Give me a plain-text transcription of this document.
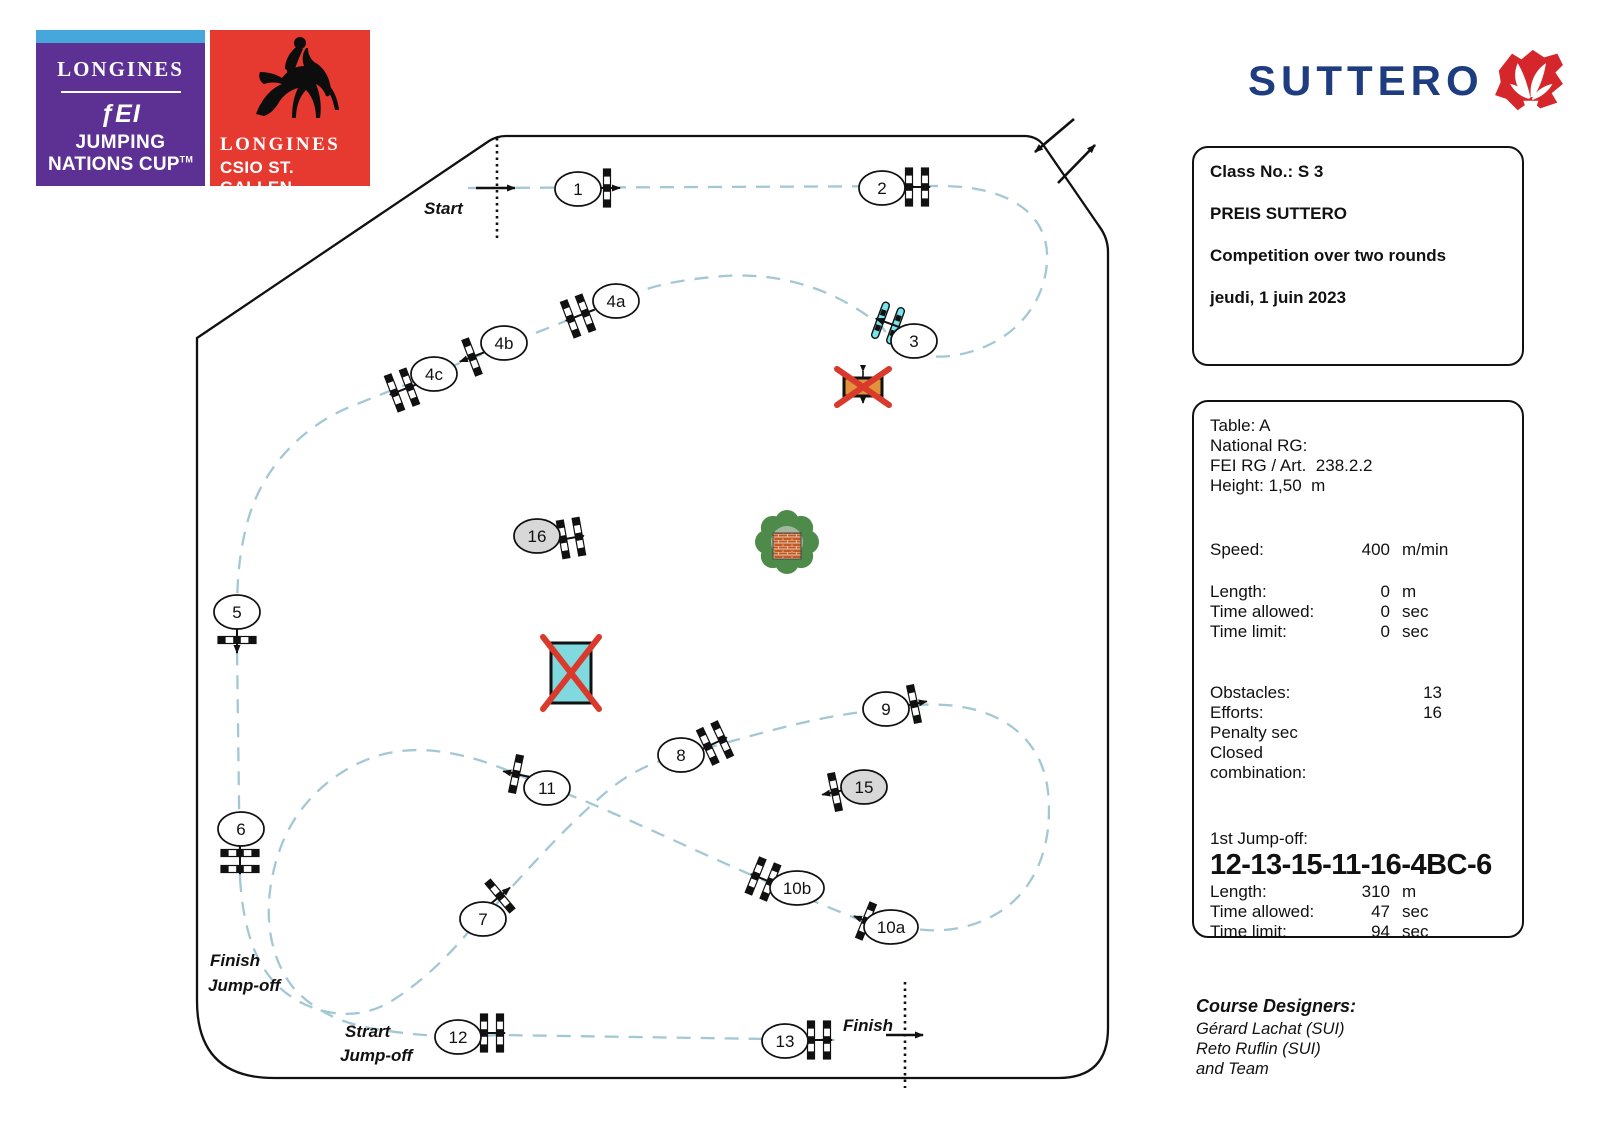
1	2
3
4a
4b
4c
5
6
7
8
9
10a
10b
11
12	13
15
16
Start
Finish
Finish
Jump-off
Strart
Jump-off
LONGINES
ƒEI
JUMPING
NATIONS CUP™
LONGINES
CSIO ST. GALLEN
SUTTERO
Class No.: S 3
PREIS SUTTERO
Competition over two rounds
jeudi, 1 juin 2023
Table: A
National RG:
FEI RG / Art.  238.2.2
Height: 1,50  m
Speed:	400 m/min
Length:	0 m
Time allowed:	0 sec
Time limit:	0 sec
Obstacles:	13
Efforts:	16
Penalty sec
Closed combination:
1st Jump-off:
12-13-15-11-16-4BC-6
Length:	310 m
Time allowed:	47 sec
Time limit:	94 sec
Course Designers:
Gérard Lachat (SUI)
Reto Ruflin (SUI)
and Team
